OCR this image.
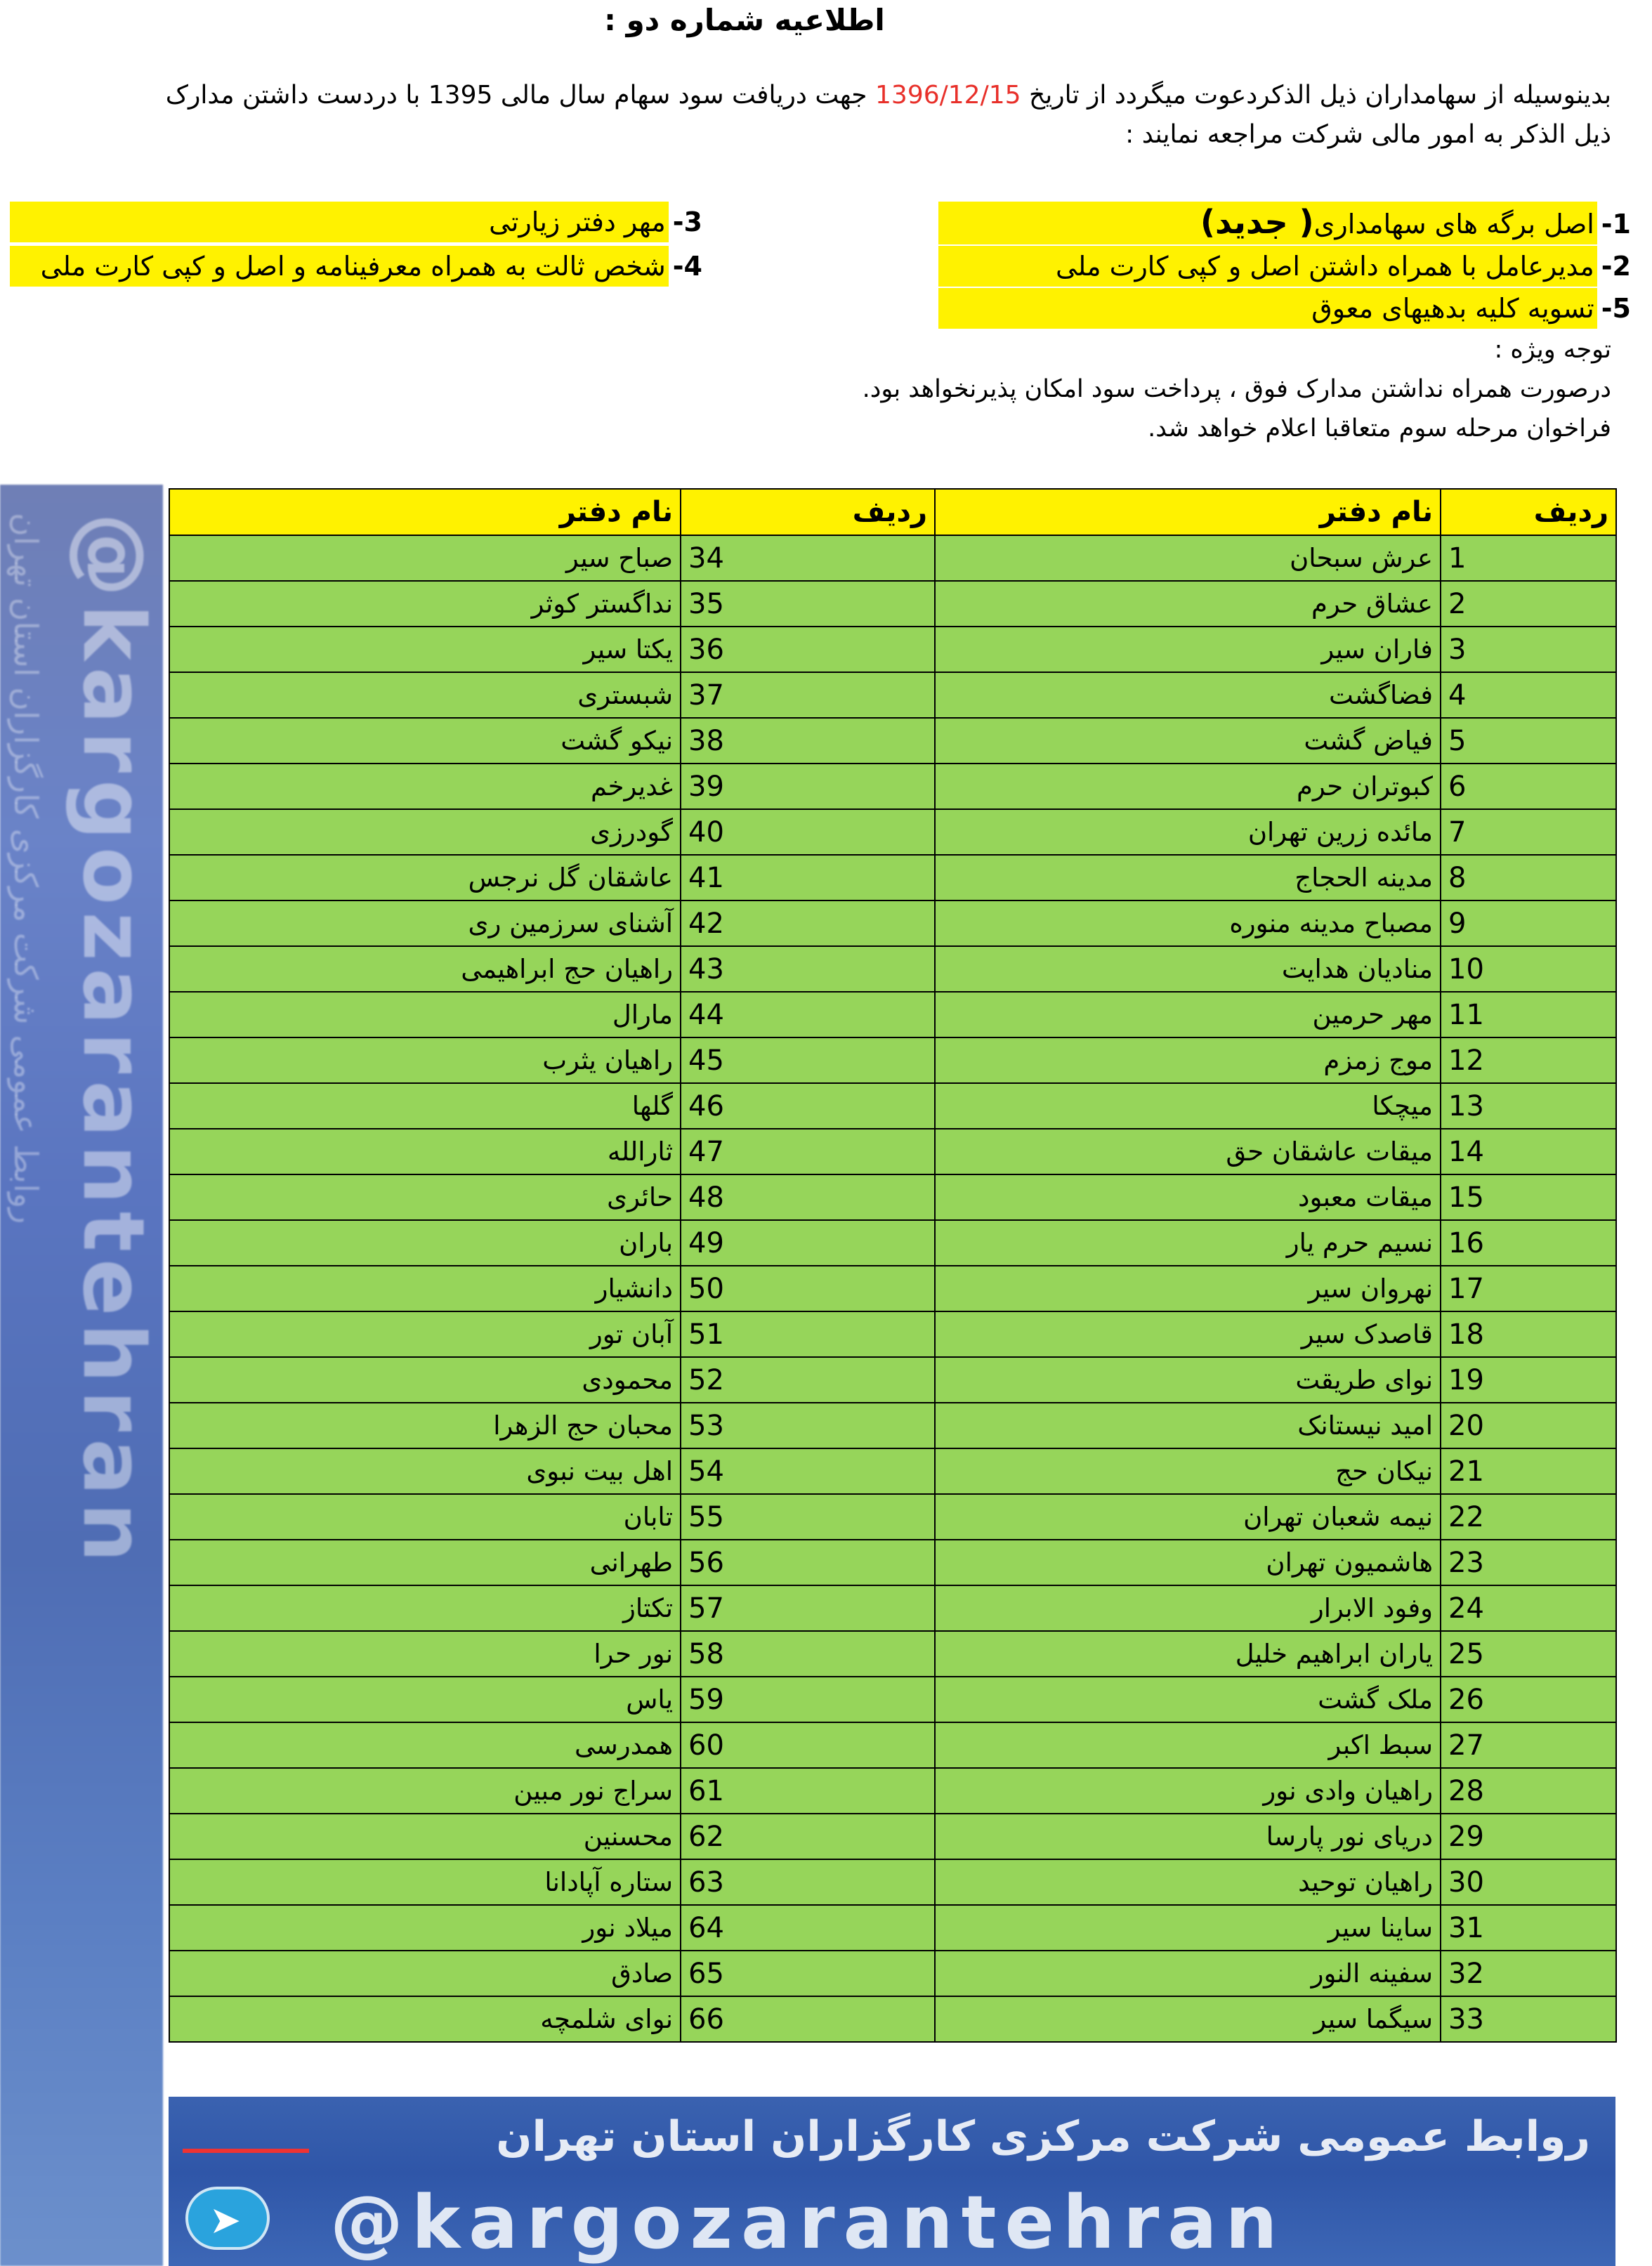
اطلاعیه شماره دو :
بدینوسیله از سهامداران ذیل الذکردعوت میگردد از تاریخ 1396/12/15 جهت دریافت سود سهام سال مالی 1395 با دردست داشتن مدارک
ذیل الذکر به امور مالی شرکت مراجعه نمایند :
1-اصل برگه های سهامداری( جدید)
2-مدیرعامل با همراه داشتن اصل و کپی کارت ملی
5-تسویه کلیه بدهیهای معوق
3-مهر دفتر زیارتی
4-شخص ثالت به همراه معرفینامه و اصل و کپی کارت ملی
توجه ویژه :
درصورت همراه نداشتن مدارک فوق ، پرداخت سود امکان پذیرنخواهد بود.
فراخوان مرحله سوم متعاقبا اعلام خواهد شد.
روابط عمومی شرکت مرکزی کارگزاران استان تهران @kargozarantehran
ردیف	نام دفتر	ردیف	نام دفتر
1	عرش سبحان	34	صباح سیر
2	عشاق حرم	35	نداگستر کوثر
3	فاران سیر	36	یکتا سیر
4	فضاگشت	37	شبستری
5	فیاض گشت	38	نیکو گشت
6	کبوتران حرم	39	غدیرخم
7	مائده زرین تهران	40	گودرزی
8	مدینه الحجاج	41	عاشقان گل نرجس
9	مصباح مدینه منوره	42	آشنای سرزمین ری
10	منادیان هدایت	43	راهیان حج ابراهیمی
11	مهر حرمین	44	مارال
12	موج زمزم	45	راهیان یثرب
13	میچکا	46	گلها
14	میقات عاشقان حق	47	ثارالله
15	میقات معبود	48	حائری
16	نسیم حرم یار	49	باران
17	نهروان سیر	50	دانشیار
18	قاصدک سیر	51	آبان تور
19	نوای طریقت	52	محمودی
20	امید نیستانک	53	محبان حج الزهرا
21	نیکان حج	54	اهل بیت نبوی
22	نیمه شعبان تهران	55	تابان
23	هاشمیون تهران	56	طهرانی
24	وفود الابرار	57	تکتاز
25	یاران ابراهیم خلیل	58	نور حرا
26	ملک گشت	59	یاس
27	سبط اکبر	60	همدرسی
28	راهیان وادی نور	61	سراج نور مبین
29	دریای نور پارسا	62	محسنین
30	راهیان توحید	63	ستاره آپادانا
31	ساینا سیر	64	میلاد نور
32	سفینه النور	65	صادق
33	سیگما سیر	66	نوای شلمچه
روابط عمومی شرکت مرکزی کارگزاران استان تهران
➤ @kargozarantehran
